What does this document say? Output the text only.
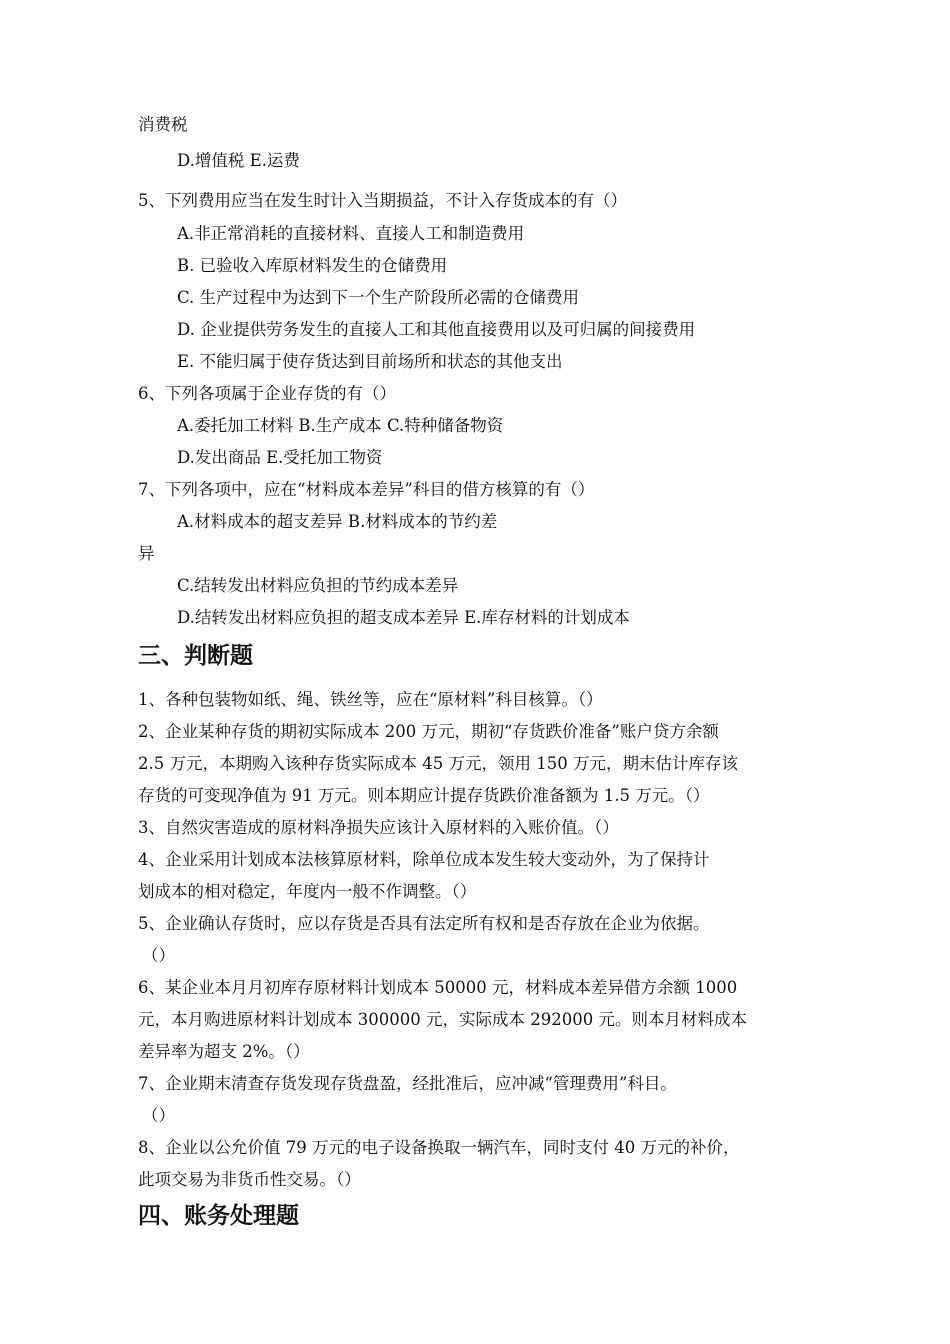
消费税
D.增值税 E.运费
5、下列费用应当在发生时计入当期损益，不计入存货成本的有（）
A.非正常消耗的直接材料、直接人工和制造费用
B. 已验收入库原材料发生的仓储费用
C. 生产过程中为达到下一个生产阶段所必需的仓储费用
D. 企业提供劳务发生的直接人工和其他直接费用以及可归属的间接费用
E. 不能归属于使存货达到目前场所和状态的其他支出
6、下列各项属于企业存货的有（）
A.委托加工材料 B.生产成本 C.特种储备物资
D.发出商品 E.受托加工物资
7、下列各项中，应在“材料成本差异”科目的借方核算的有（）
A.材料成本的超支差异 B.材料成本的节约差
异
C.结转发出材料应负担的节约成本差异
D.结转发出材料应负担的超支成本差异 E.库存材料的计划成本
三、判断题
1、各种包装物如纸、绳、铁丝等，应在“原材料”科目核算。（）
2、企业某种存货的期初实际成本 200 万元，期初“存货跌价准备”账户贷方余额
2.5 万元，本期购入该种存货实际成本 45 万元，领用 150 万元，期末估计库存该
存货的可变现净值为 91 万元。则本期应计提存货跌价准备额为 1.5 万元。（）
3、自然灾害造成的原材料净损失应该计入原材料的入账价值。（）
4、企业采用计划成本法核算原材料，除单位成本发生较大变动外，为了保持计
划成本的相对稳定，年度内一般不作调整。（）
5、企业确认存货时，应以存货是否具有法定所有权和是否存放在企业为依据。
（）
6、某企业本月月初库存原材料计划成本 50000 元，材料成本差异借方余额 1000
元，本月购进原材料计划成本 300000 元，实际成本 292000 元。则本月材料成本
差异率为超支 2%。（）
7、企业期末清查存货发现存货盘盈，经批准后，应冲减“管理费用”科目。
（）
8、企业以公允价值 79 万元的电子设备换取一辆汽车，同时支付 40 万元的补价，
此项交易为非货币性交易。（）
四、账务处理题
